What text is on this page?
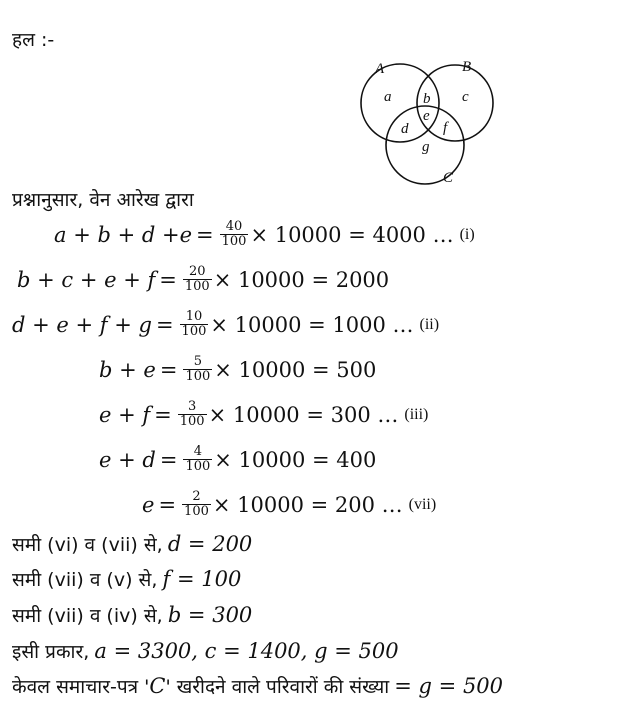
हल :-
A	B
C
a b c
d
e
f
g
प्रश्नानुसार, वेन आरेख द्वारा
$a + b + d +e = \frac{40}{100} \times 10000 = 4000$ … (i)
$b + c + e + f = \frac{20}{100} \times 10000 = 2000$
$d + e + f + g = \frac{10}{100} \times 10000 = 1000$ … (ii)
$b + e = \frac{5}{100} \times 10000 = 500$
$e + f = \frac{3}{100} \times 10000 = 300$ … (iii)
$e + d = \frac{4}{100} \times 10000 = 400$
$e = \frac{2}{100} \times 10000 = 200$ … (vii)
समी (vi) व (vii) से, d = 200
समी (vii) व (v) से, f = 100
समी (vii) व (iv) से, b = 300
इसी प्रकार, a = 3300, c = 1400, g = 500
केवल समाचार-पत्र 'C' खरीदने वाले परिवारों की संख्या = g = 500
